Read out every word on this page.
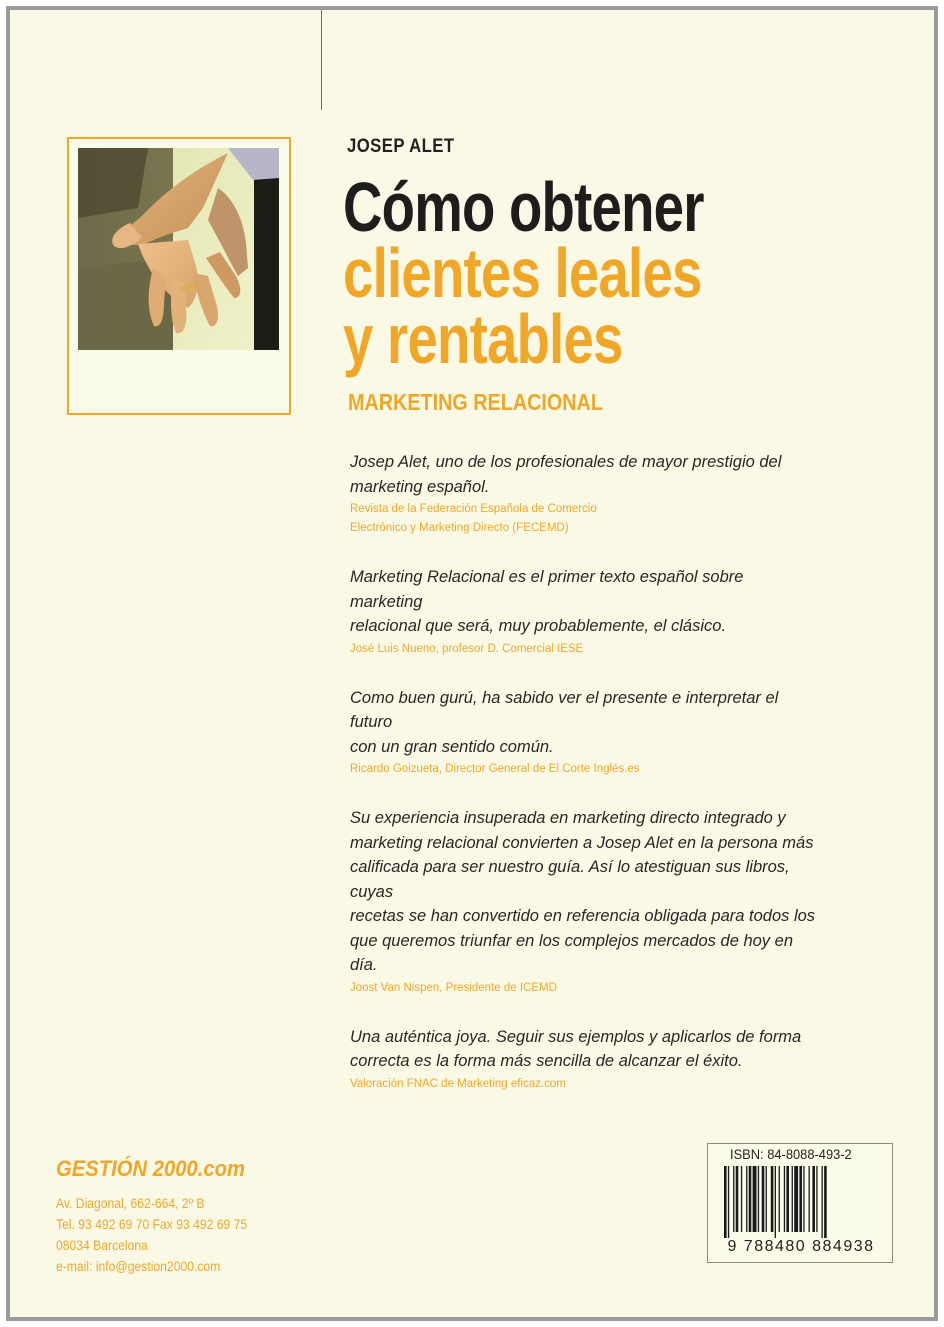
JOSEP ALET
Cómo obtener
clientes leales
y rentables
MARKETING RELACIONAL
Josep Alet, uno de los profesionales de mayor prestigio del
marketing español.
Revista de la Federación Española de Comercio
Electrónico y Marketing Directo (FECEMD)
Marketing Relacional es el primer texto español sobre marketing
relacional que será, muy probablemente, el clásico.
José Luis Nueno, profesor D. Comercial IESE
Como buen gurú, ha sabido ver el presente e interpretar el futuro
con un gran sentido común.
Ricardo Goizueta, Director General de El Corte Inglés.es
Su experiencia insuperada en marketing directo integrado y
marketing relacional convierten a Josep Alet en la persona más
calificada para ser nuestro guía. Así lo atestiguan sus libros, cuyas
recetas se han convertido en referencia obligada para todos los
que queremos triunfar en los complejos mercados de hoy en día.
Joost Van Nispen, Presidente de ICEMD
Una auténtica joya. Seguir sus ejemplos y aplicarlos de forma
correcta es la forma más sencilla de alcanzar el éxito.
Valoración FNAC de Marketing eficaz.com
GESTIÓN 2000.com
Av. Diagonal, 662-664, 2º B
Tel. 93 492 69 70 Fax 93 492 69 75
08034 Barcelona
e-mail: info@gestion2000.com
ISBN: 84-8088-493-2
9 788480 884938
